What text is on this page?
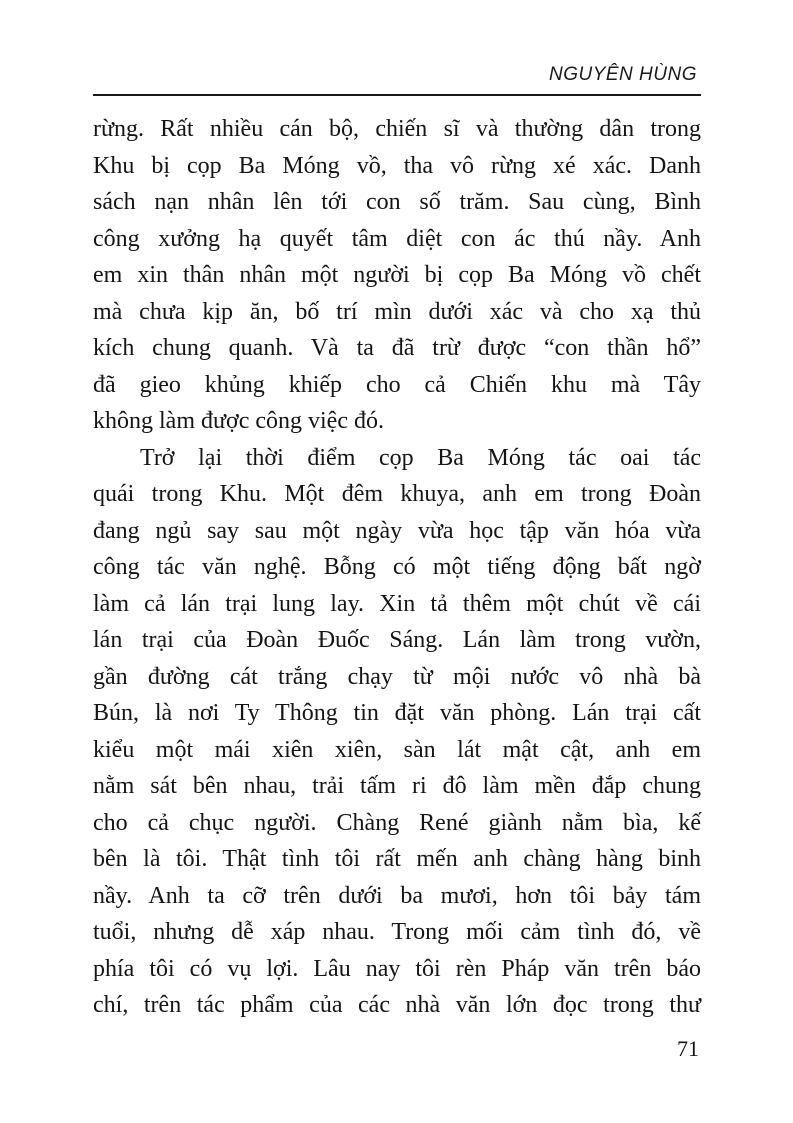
NGUYÊN HÙNG
rừng. Rất nhiều cán bộ, chiến sĩ và thường dân trong
Khu bị cọp Ba Móng vồ, tha vô rừng xé xác. Danh
sách nạn nhân lên tới con số trăm. Sau cùng, Bình
công xưởng hạ quyết tâm diệt con ác thú nầy. Anh
em xin thân nhân một người bị cọp Ba Móng vồ chết
mà chưa kịp ăn, bố trí mìn dưới xác và cho xạ thủ
kích chung quanh. Và ta đã trừ được “con thần hổ”
đã gieo khủng khiếp cho cả Chiến khu mà Tây
không làm được công việc đó.
Trở lại thời điểm cọp Ba Móng tác oai tác
quái trong Khu. Một đêm khuya, anh em trong Đoàn
đang ngủ say sau một ngày vừa học tập văn hóa vừa
công tác văn nghệ. Bỗng có một tiếng động bất ngờ
làm cả lán trại lung lay. Xin tả thêm một chút về cái
lán trại của Đoàn Đuốc Sáng. Lán làm trong vườn,
gần đường cát trắng chạy từ mội nước vô nhà bà
Bún, là nơi Ty Thông tin đặt văn phòng. Lán trại cất
kiểu một mái xiên xiên, sàn lát mật cật, anh em
nằm sát bên nhau, trải tấm ri đô làm mền đắp chung
cho cả chục người. Chàng René giành nằm bìa, kế
bên là tôi. Thật tình tôi rất mến anh chàng hàng binh
nầy. Anh ta cỡ trên dưới ba mươi, hơn tôi bảy tám
tuổi, nhưng dễ xáp nhau. Trong mối cảm tình đó, về
phía tôi có vụ lợi. Lâu nay tôi rèn Pháp văn trên báo
chí, trên tác phẩm của các nhà văn lớn đọc trong thư
71
